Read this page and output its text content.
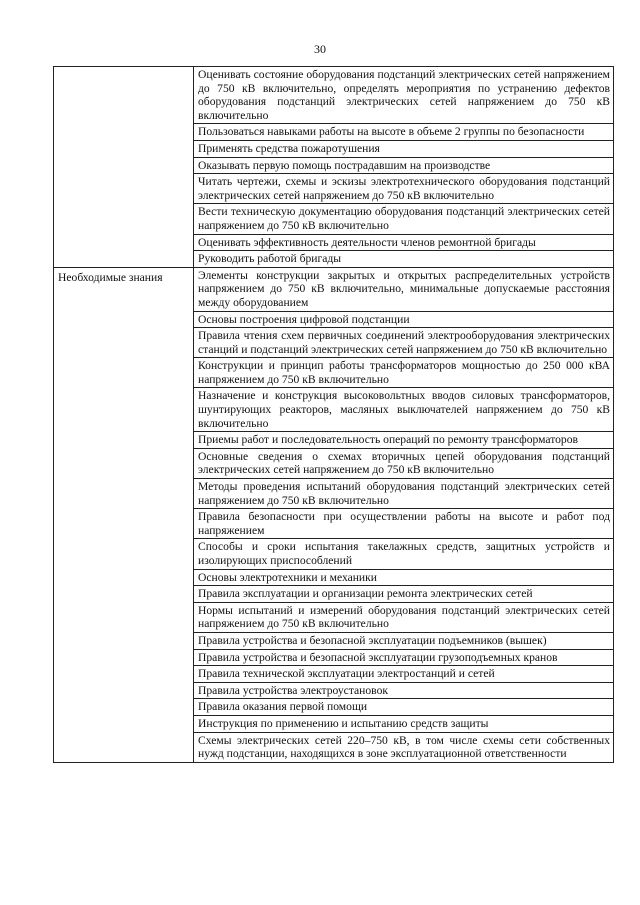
30

	Оценивать состояние оборудования подстанций электрических сетей напряжением до 750 кВ включительно, определять мероприятия по устранению дефектов оборудования подстанций электрических сетей напряжением до 750 кВ включительно

	Пользоваться навыками работы на высоте в объеме 2 группы по безопасности

	Применять средства пожаротушения

	Оказывать первую помощь пострадавшим на производстве

	Читать чертежи, схемы и эскизы электротехнического оборудования подстанций электрических сетей напряжением до 750 кВ включительно

	Вести техническую документацию оборудования подстанций электрических сетей напряжением до 750 кВ включительно

	Оценивать эффективность деятельности членов ремонтной бригады

	Руководить работой бригады

Необходимые знания	Элементы конструкции закрытых и открытых распределительных устройств напряжением до 750 кВ включительно, минимальные допускаемые расстояния между оборудованием

	Основы построения цифровой подстанции

	Правила чтения схем первичных соединений электрооборудования электрических станций и подстанций электрических сетей напряжением до 750 кВ включительно

	Конструкции и принцип работы трансформаторов мощностью до 250 000 кВА напряжением до 750 кВ включительно

	Назначение и конструкция высоковольтных вводов силовых трансформаторов, шунтирующих реакторов, масляных выключателей напряжением до 750 кВ включительно

	Приемы работ и последовательность операций по ремонту трансформаторов

	Основные сведения о схемах вторичных цепей оборудования подстанций электрических сетей напряжением до 750 кВ включительно

	Методы проведения испытаний оборудования подстанций электрических сетей напряжением до 750 кВ включительно

	Правила безопасности при осуществлении работы на высоте и работ под напряжением

	Способы и сроки испытания такелажных средств, защитных устройств и изолирующих приспособлений

	Основы электротехники и механики

	Правила эксплуатации и организации ремонта электрических сетей

	Нормы испытаний и измерений оборудования подстанций электрических сетей напряжением до 750 кВ включительно

	Правила устройства и безопасной эксплуатации подъемников (вышек)

	Правила устройства и безопасной эксплуатации грузоподъемных кранов

	Правила технической эксплуатации электростанций и сетей

	Правила устройства электроустановок

	Правила оказания первой помощи

	Инструкция по применению и испытанию средств защиты

	Схемы электрических сетей 220–750 кВ, в том числе схемы сети собственных нужд подстанции, находящихся в зоне эксплуатационной ответственности
